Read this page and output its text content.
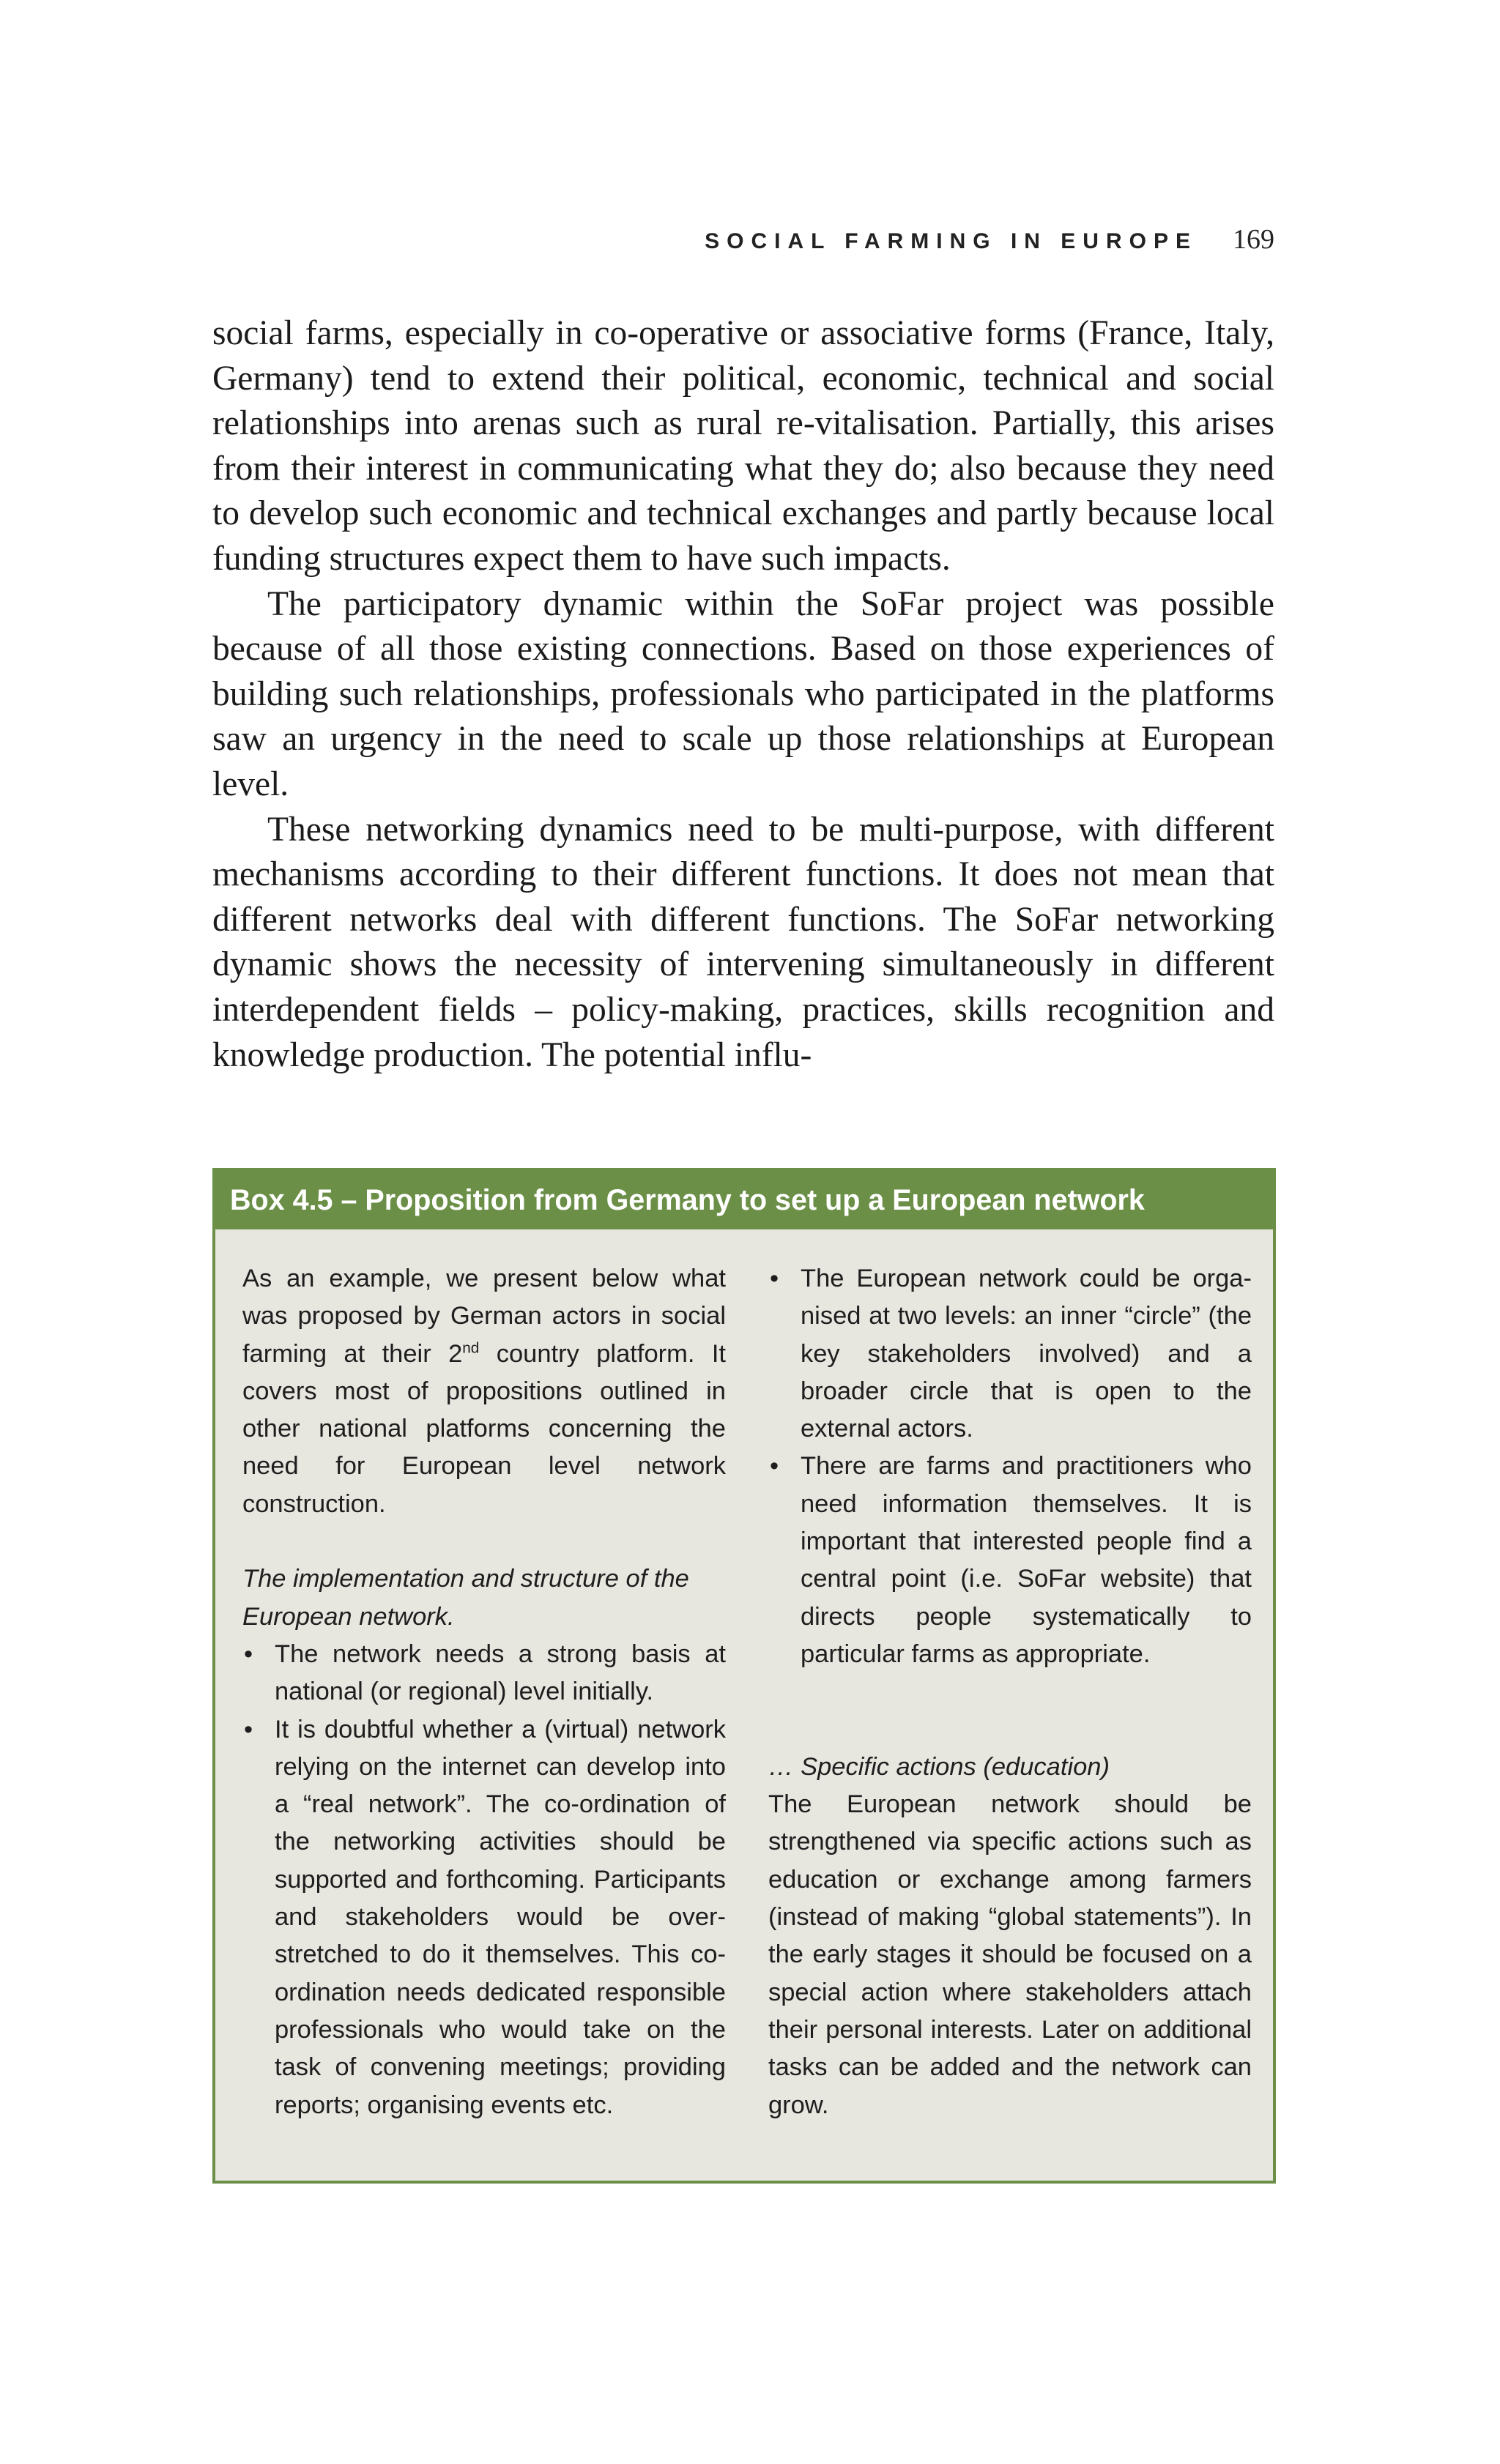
SOCIAL FARMING IN EUROPE 169

social farms, especially in co-operative or associative forms (France, Italy, Germany) tend to extend their political, economic, technical and social relationships into arenas such as rural re-vitalisation. Partially, this arises from their interest in communicating what they do; also because they need to develop such economic and technical exchanges and partly because local funding structures expect them to have such impacts.

The participatory dynamic within the SoFar project was possible because of all those existing connections. Based on those experiences of building such relationships, professionals who participated in the platforms saw an urgency in the need to scale up those relationships at European level.

These networking dynamics need to be multi-purpose, with different mechanisms according to their different functions. It does not mean that different networks deal with different functions. The SoFar networking dynamic shows the necessity of intervening simultaneously in different interdependent fields – policy-making, practices, skills recognition and knowledge production. The potential influ-

Box 4.5 – Proposition from Germany to set up a European network

As an example, we present below what was proposed by German actors in social farming at their 2nd country platform. It covers most of propositions outlined in other national platforms concerning the need for European level network construction.

The implementation and structure of the European network.

• The network needs a strong basis at national (or regional) level initially.
• It is doubtful whether a (virtual) network relying on the internet can develop into a “real network”. The co-ordination of the networking activities should be supported and forthcoming. Participants and stakeholders would be over-stretched to do it themselves. This co-ordination needs dedicated responsible professionals who would take on the task of convening meetings; providing reports; organising events etc.
• The European network could be organised at two levels: an inner “circle” (the key stakeholders involved) and a broader circle that is open to the external actors.
• There are farms and practitioners who need information themselves. It is important that interested people find a central point (i.e. SoFar website) that directs people systematically to particular farms as appropriate.

… Specific actions (education)

The European network should be strengthened via specific actions such as education or exchange among farmers (instead of making “global statements”). In the early stages it should be focused on a special action where stakeholders attach their personal interests. Later on additional tasks can be added and the network can grow.
